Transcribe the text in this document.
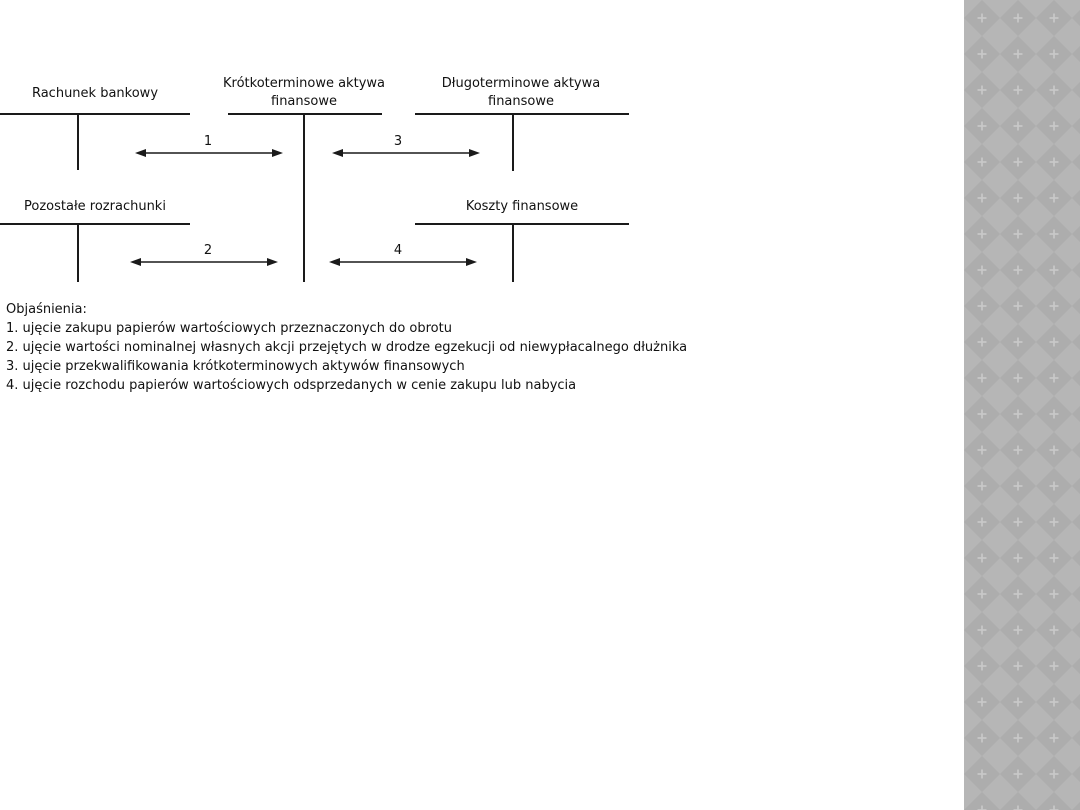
Rachunek bankowy
Krótkoterminowe aktywa finansowe
Długoterminowe aktywa finansowe
Pozostałe rozrachunki	Koszty finansowe
1
2
3
4
Objaśnienia:
1. ujęcie zakupu papierów wartościowych przeznaczonych do obrotu
2. ujęcie wartości nominalnej własnych akcji przejętych w drodze egzekucji od niewypłacalnego dłużnika
3. ujęcie przekwalifikowania krótkoterminowych aktywów finansowych
4. ujęcie rozchodu papierów wartościowych odsprzedanych w cenie zakupu lub nabycia
